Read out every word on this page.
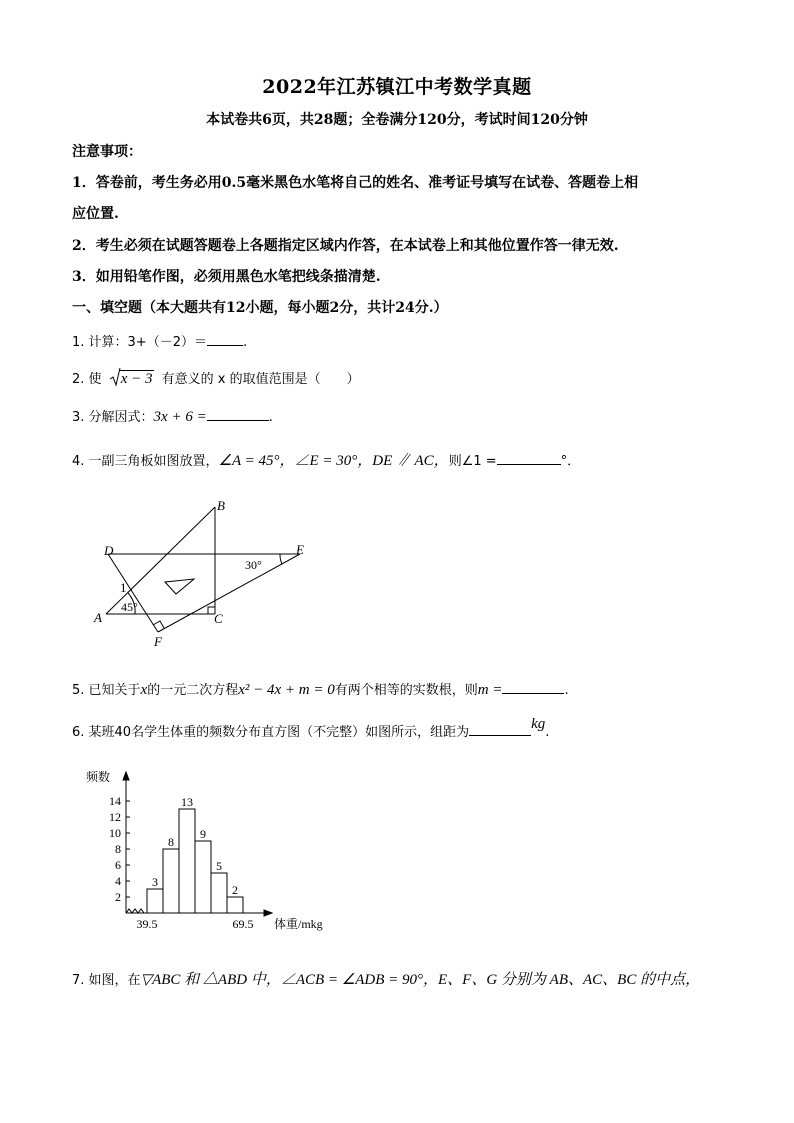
2022年江苏镇江中考数学真题
本试卷共6页，共28题；全卷满分120分，考试时间120分钟
注意事项：
1．答卷前，考生务必用0.5毫米黑色水笔将自己的姓名、准考证号填写在试卷、答题卷上相
应位置.
2．考生必须在试题答题卷上各题指定区域内作答，在本试卷上和其他位置作答一律无效.
3．如用铅笔作图，必须用黑色水笔把线条描清楚.
一、填空题（本大题共有12小题，每小题2分，共计24分.）
1. 计算：3+（－2）＝	.
2. 使 x − 3 有意义的 x 的取值范围是（　　）
3. 分解因式：3x + 6 =	.
4. 一副三角板如图放置，∠A = 45°，∠E = 30°，DE ∥ AC，则∠1 =	°．
D	E
B
A	C
F
1
45°
30°
5. 已知关于x的一元二次方程x² − 4x + m = 0有两个相等的实数根，则m =	.
6. 某班40名学生体重的频数分布直方图（不完整）如图所示，组距为kg.
2
4
6
8
10
12
14
频数
3
8
13
9
5
2
39.5	69.5 体重/mkg
7. 如图，在▽ABC 和 △ABD 中，∠ACB = ∠ADB = 90°，E、F、G 分别为 AB、AC、BC 的中点，
